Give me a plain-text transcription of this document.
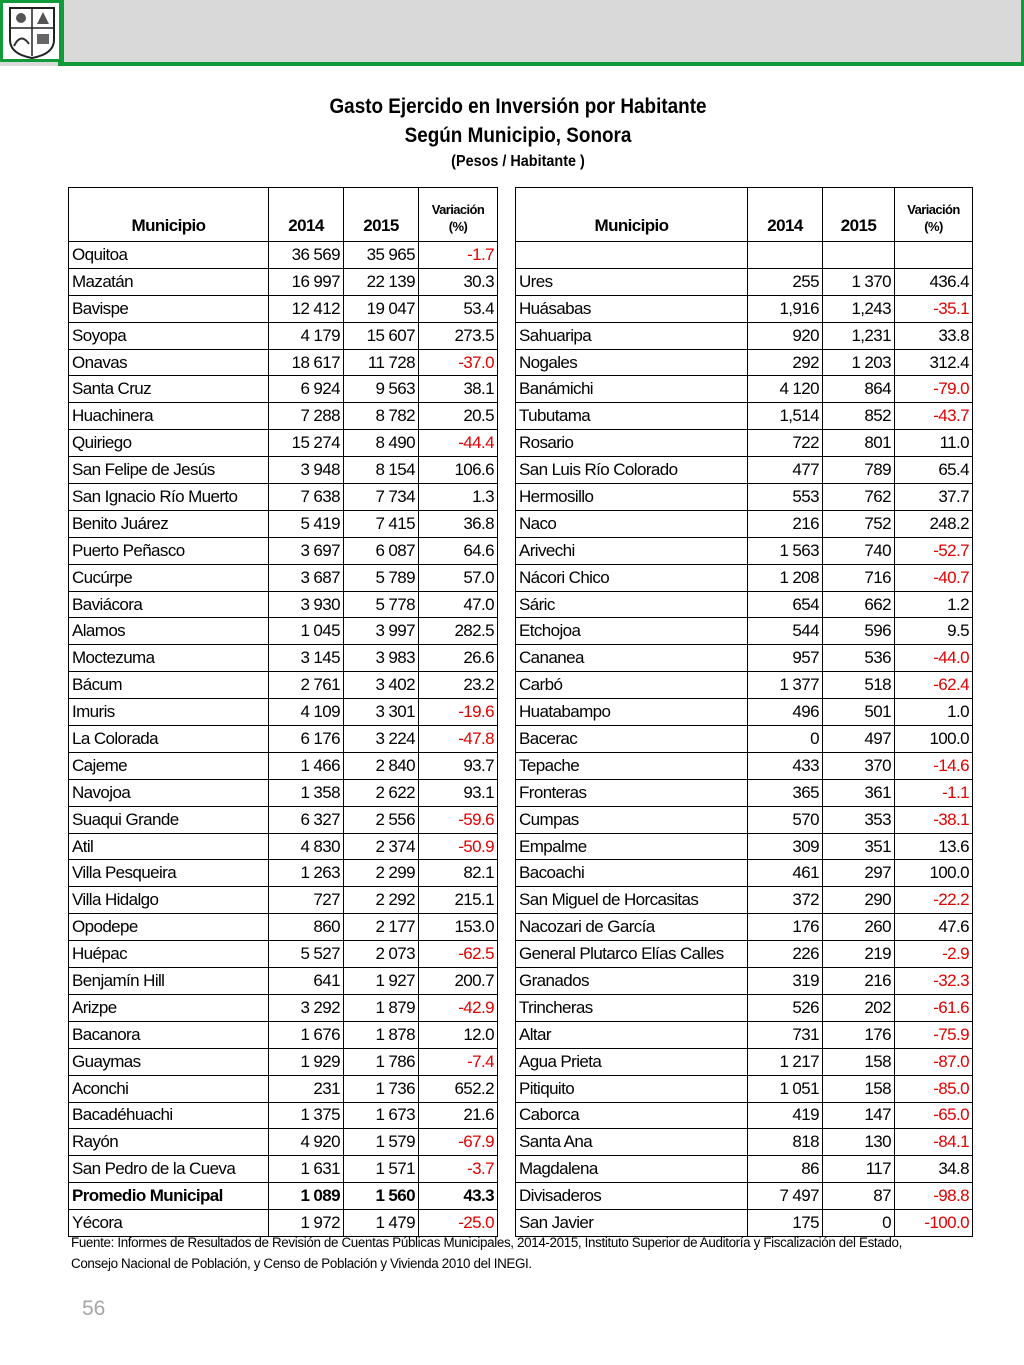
Gasto Ejercido en Inversión por Habitante
Según Municipio, Sonora
(Pesos / Habitante )
Municipio	2014	2015	Variación
(%)
Oquitoa	36 569	35 965	-1.7
Mazatán	16 997	22 139	30.3
Bavispe	12 412	19 047	53.4
Soyopa	4 179	15 607	273.5
Onavas	18 617	11 728	-37.0
Santa Cruz	6 924	9 563	38.1
Huachinera	7 288	8 782	20.5
Quiriego	15 274	8 490	-44.4
San Felipe de Jesús	3 948	8 154	106.6
San Ignacio Río Muerto	7 638	7 734	1.3
Benito Juárez	5 419	7 415	36.8
Puerto Peñasco	3 697	6 087	64.6
Cucúrpe	3 687	5 789	57.0
Baviácora	3 930	5 778	47.0
Alamos	1 045	3 997	282.5
Moctezuma	3 145	3 983	26.6
Bácum	2 761	3 402	23.2
Imuris	4 109	3 301	-19.6
La Colorada	6 176	3 224	-47.8
Cajeme	1 466	2 840	93.7
Navojoa	1 358	2 622	93.1
Suaqui Grande	6 327	2 556	-59.6
Atil	4 830	2 374	-50.9
Villa Pesqueira	1 263	2 299	82.1
Villa Hidalgo	727	2 292	215.1
Opodepe	860	2 177	153.0
Huépac	5 527	2 073	-62.5
Benjamín Hill	641	1 927	200.7
Arizpe	3 292	1 879	-42.9
Bacanora	1 676	1 878	12.0
Guaymas	1 929	1 786	-7.4
Aconchi	231	1 736	652.2
Bacadéhuachi	1 375	1 673	21.6
Rayón	4 920	1 579	-67.9
San Pedro de la Cueva	1 631	1 571	-3.7
Promedio Municipal	1 089	1 560	43.3
Yécora	1 972	1 479	-25.0
Municipio	2014	2015	Variación
(%)

Ures	255	1 370	436.4
Huásabas	1,916	1,243	-35.1
Sahuaripa	920	1,231	33.8
Nogales	292	1 203	312.4
Banámichi	4 120	864	-79.0
Tubutama	1,514	852	-43.7
Rosario	722	801	11.0
San Luis Río Colorado	477	789	65.4
Hermosillo	553	762	37.7
Naco	216	752	248.2
Arivechi	1 563	740	-52.7
Nácori Chico	1 208	716	-40.7
Sáric	654	662	1.2
Etchojoa	544	596	9.5
Cananea	957	536	-44.0
Carbó	1 377	518	-62.4
Huatabampo	496	501	1.0
Bacerac	0	497	100.0
Tepache	433	370	-14.6
Fronteras	365	361	-1.1
Cumpas	570	353	-38.1
Empalme	309	351	13.6
Bacoachi	461	297	100.0
San Miguel de Horcasitas	372	290	-22.2
Nacozari de García	176	260	47.6
General Plutarco Elías Calles	226	219	-2.9
Granados	319	216	-32.3
Trincheras	526	202	-61.6
Altar	731	176	-75.9
Agua Prieta	1 217	158	-87.0
Pitiquito	1 051	158	-85.0
Caborca	419	147	-65.0
Santa Ana	818	130	-84.1
Magdalena	86	117	34.8
Divisaderos	7 497	87	-98.8
San Javier	175	0	-100.0
Fuente: Informes de Resultados de Revisión de Cuentas Públicas Municipales, 2014-2015, Instituto Superior de Auditoría y Fiscalización del Estado,
Consejo Nacional de Población, y Censo de Población y Vivienda 2010 del INEGI.
56
